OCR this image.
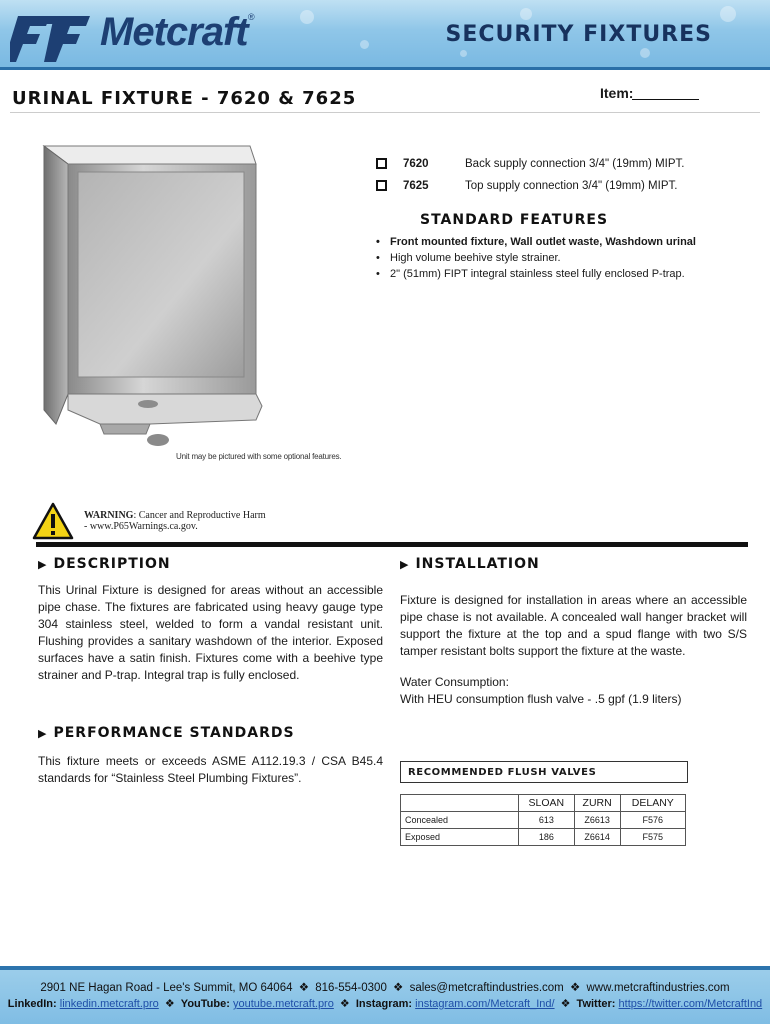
Metcraft ®
SECURITY FIXTURES
URINAL FIXTURE - 7620 & 7625	Item:
Unit may be pictured with some optional features.
7620	Back supply connection 3/4" (19mm) MIPT.
7625	Top supply connection 3/4" (19mm) MIPT.
STANDARD FEATURES
• Front mounted fixture, Wall outlet waste, Washdown urinal
• High volume beehive style strainer.
• 2" (51mm) FIPT integral stainless steel fully enclosed P-trap.
WARNING: Cancer and Reproductive Harm
- www.P65Warnings.ca.gov.
▶ DESCRIPTION
This Urinal Fixture is designed for areas without an accessible pipe chase. The fixtures are fabricated using heavy gauge type 304 stainless steel, welded to form a vandal resistant unit. Flushing provides a sanitary washdown of the interior. Exposed surfaces have a satin finish. Fixtures come with a beehive type strainer and P-trap. Integral trap is fully enclosed.
▶ INSTALLATION
Fixture is designed for installation in areas where an accessible pipe chase is not available. A concealed wall hanger bracket will support the fixture at the top and a spud flange with two S/S tamper resistant bolts support the fixture at the waste.
Water Consumption:
With HEU consumption flush valve - .5 gpf (1.9 liters)
▶ PERFORMANCE STANDARDS
This fixture meets or exceeds ASME A112.19.3 / CSA B45.4 standards for “Stainless Steel Plumbing Fixtures”.	RECOMMENDED FLUSH VALVES
	SLOAN	ZURN	DELANY
Concealed	613	Z6613	F576
Exposed	186	Z6614	F575
2901 NE Hagan Road - Lee's Summit, MO 64064 ❖ 816-554-0300 ❖ sales@metcraftindustries.com ❖ www.metcraftindustries.com
LinkedIn: linkedin.metcraft.pro ❖ YouTube: youtube.metcraft.pro ❖ Instagram: instagram.com/Metcraft_Ind/ ❖ Twitter: https://twitter.com/MetcraftInd
